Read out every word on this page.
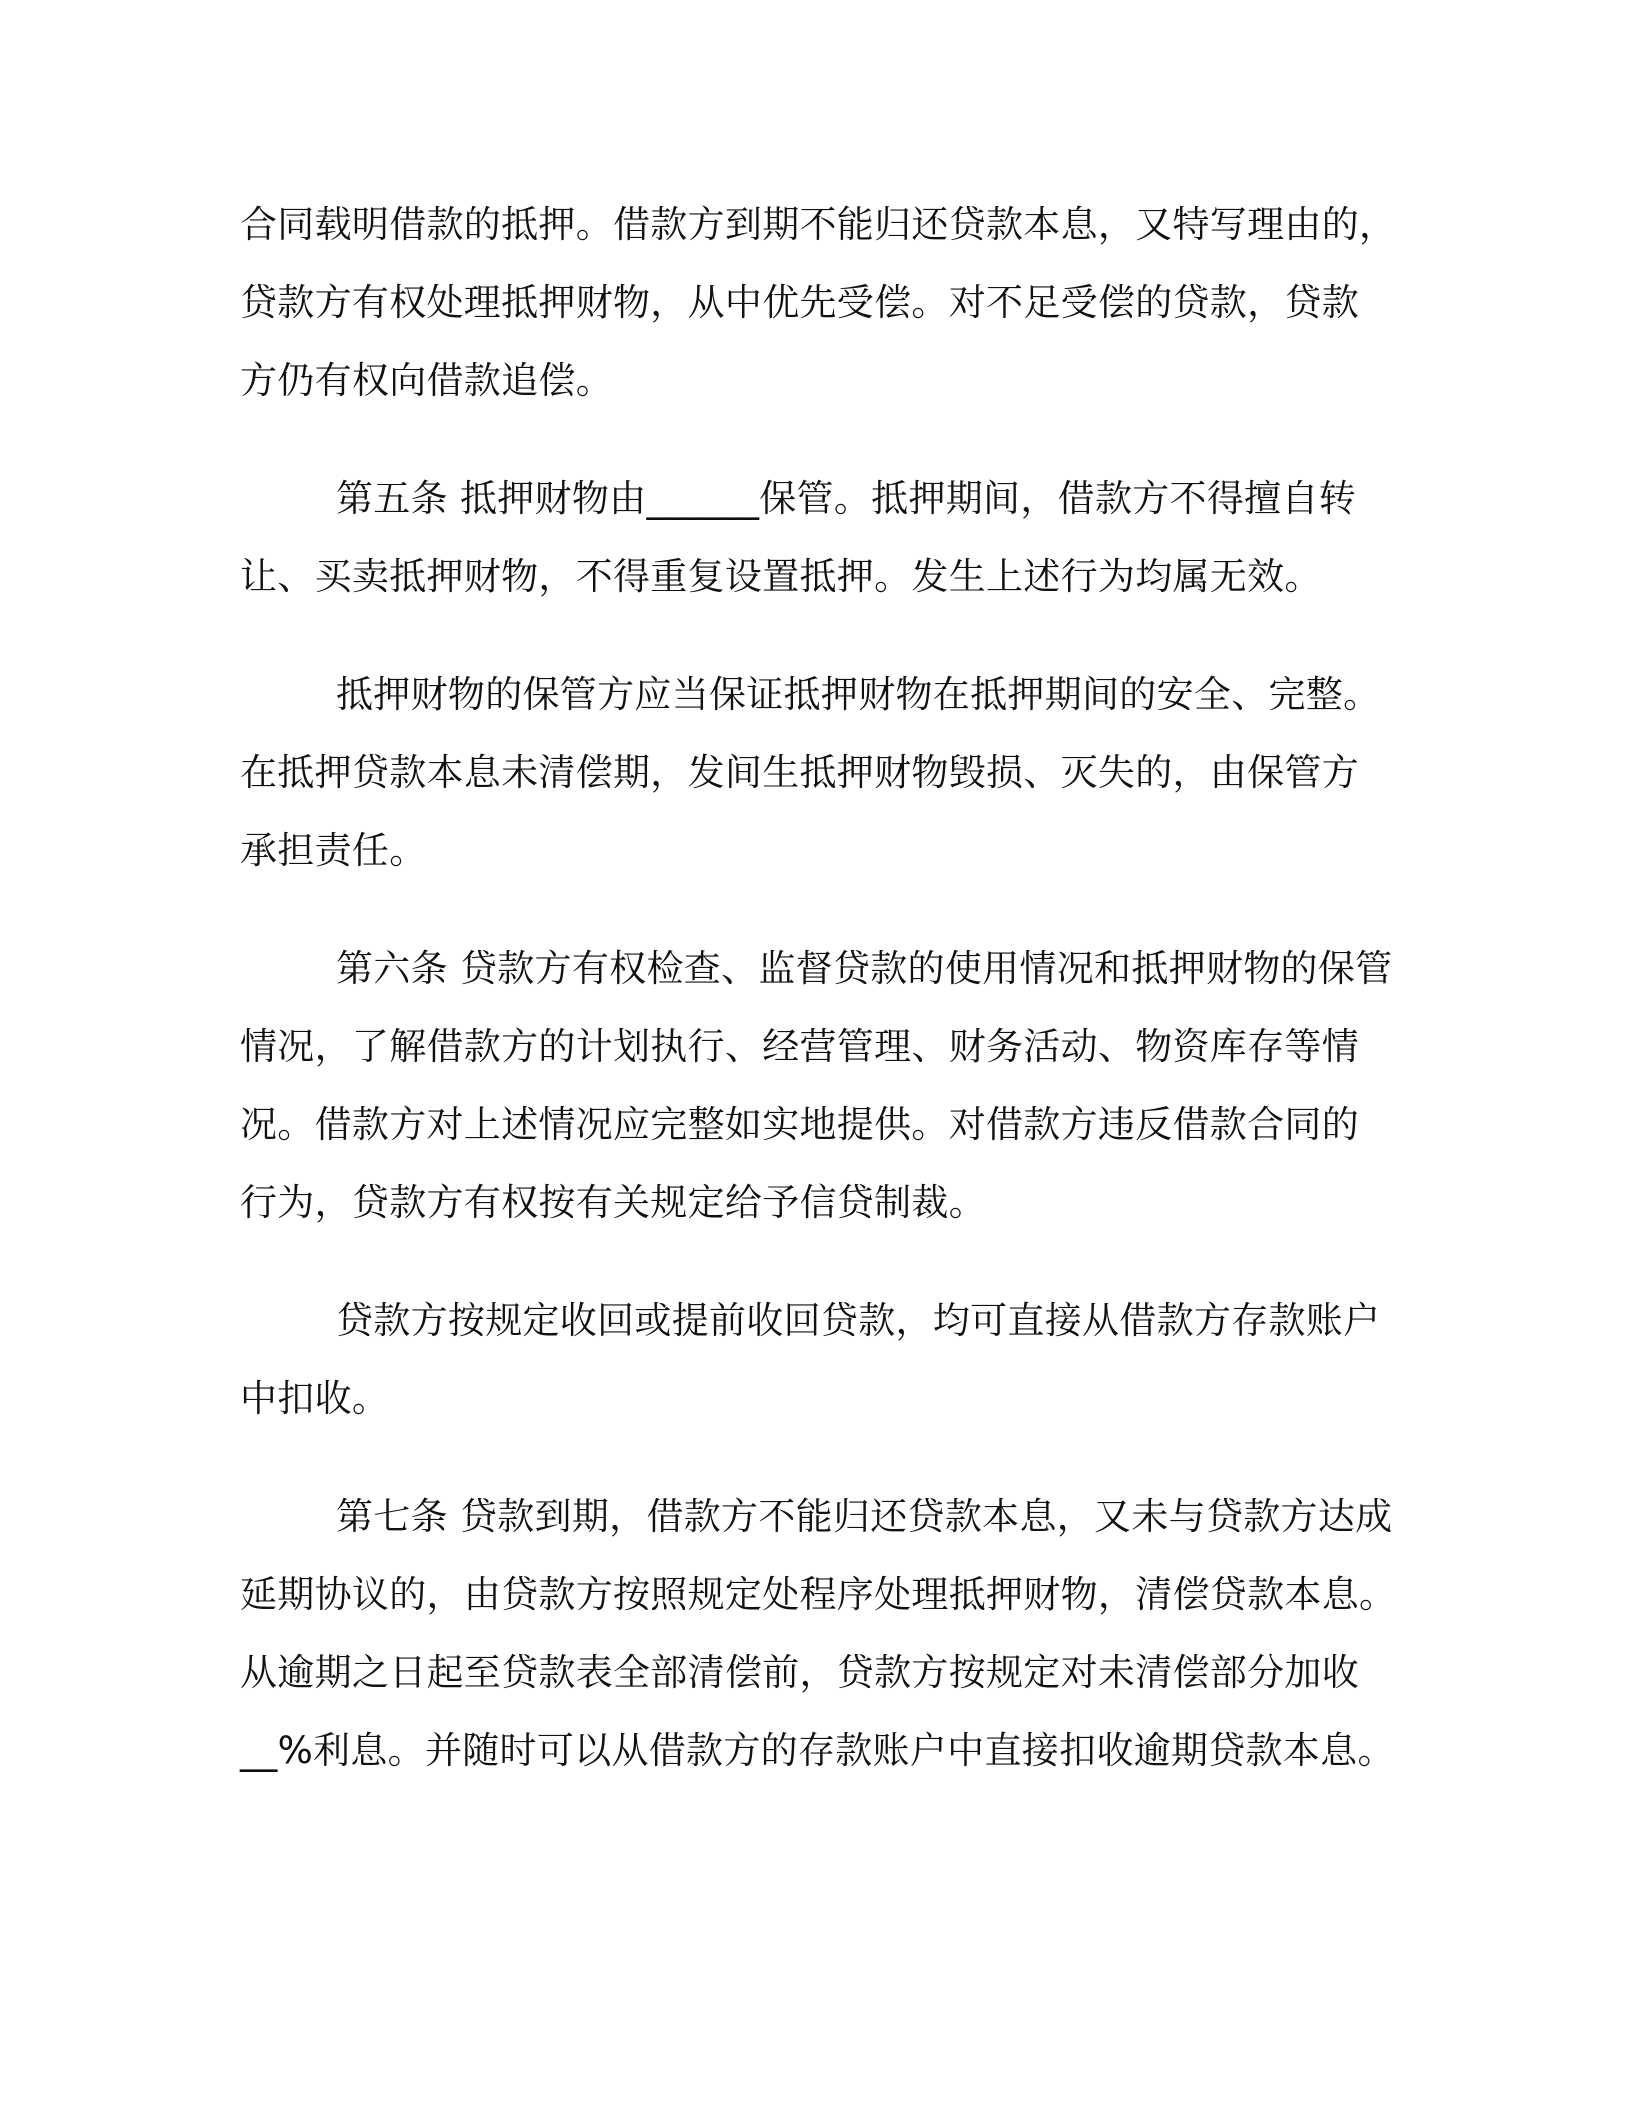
合同载明借款的抵押。借款方到期不能归还贷款本息，又特写理由的，
贷款方有权处理抵押财物，从中优先受偿。对不足受偿的贷款，贷款
方仍有权向借款追偿。

第五条 抵押财物由______保管。抵押期间，借款方不得擅自转
让、买卖抵押财物，不得重复设置抵押。发生上述行为均属无效。

抵押财物的保管方应当保证抵押财物在抵押期间的安全、完整。
在抵押贷款本息未清偿期，发间生抵押财物毁损、灭失的，由保管方
承担责任。

第六条 贷款方有权检查、监督贷款的使用情况和抵押财物的保管
情况，了解借款方的计划执行、经营管理、财务活动、物资库存等情
况。借款方对上述情况应完整如实地提供。对借款方违反借款合同的
行为，贷款方有权按有关规定给予信贷制裁。

贷款方按规定收回或提前收回贷款，均可直接从借款方存款账户
中扣收。

第七条 贷款到期，借款方不能归还贷款本息，又未与贷款方达成
延期协议的，由贷款方按照规定处程序处理抵押财物，清偿贷款本息。
从逾期之日起至贷款表全部清偿前，贷款方按规定对未清偿部分加收
__%利息。并随时可以从借款方的存款账户中直接扣收逾期贷款本息。
